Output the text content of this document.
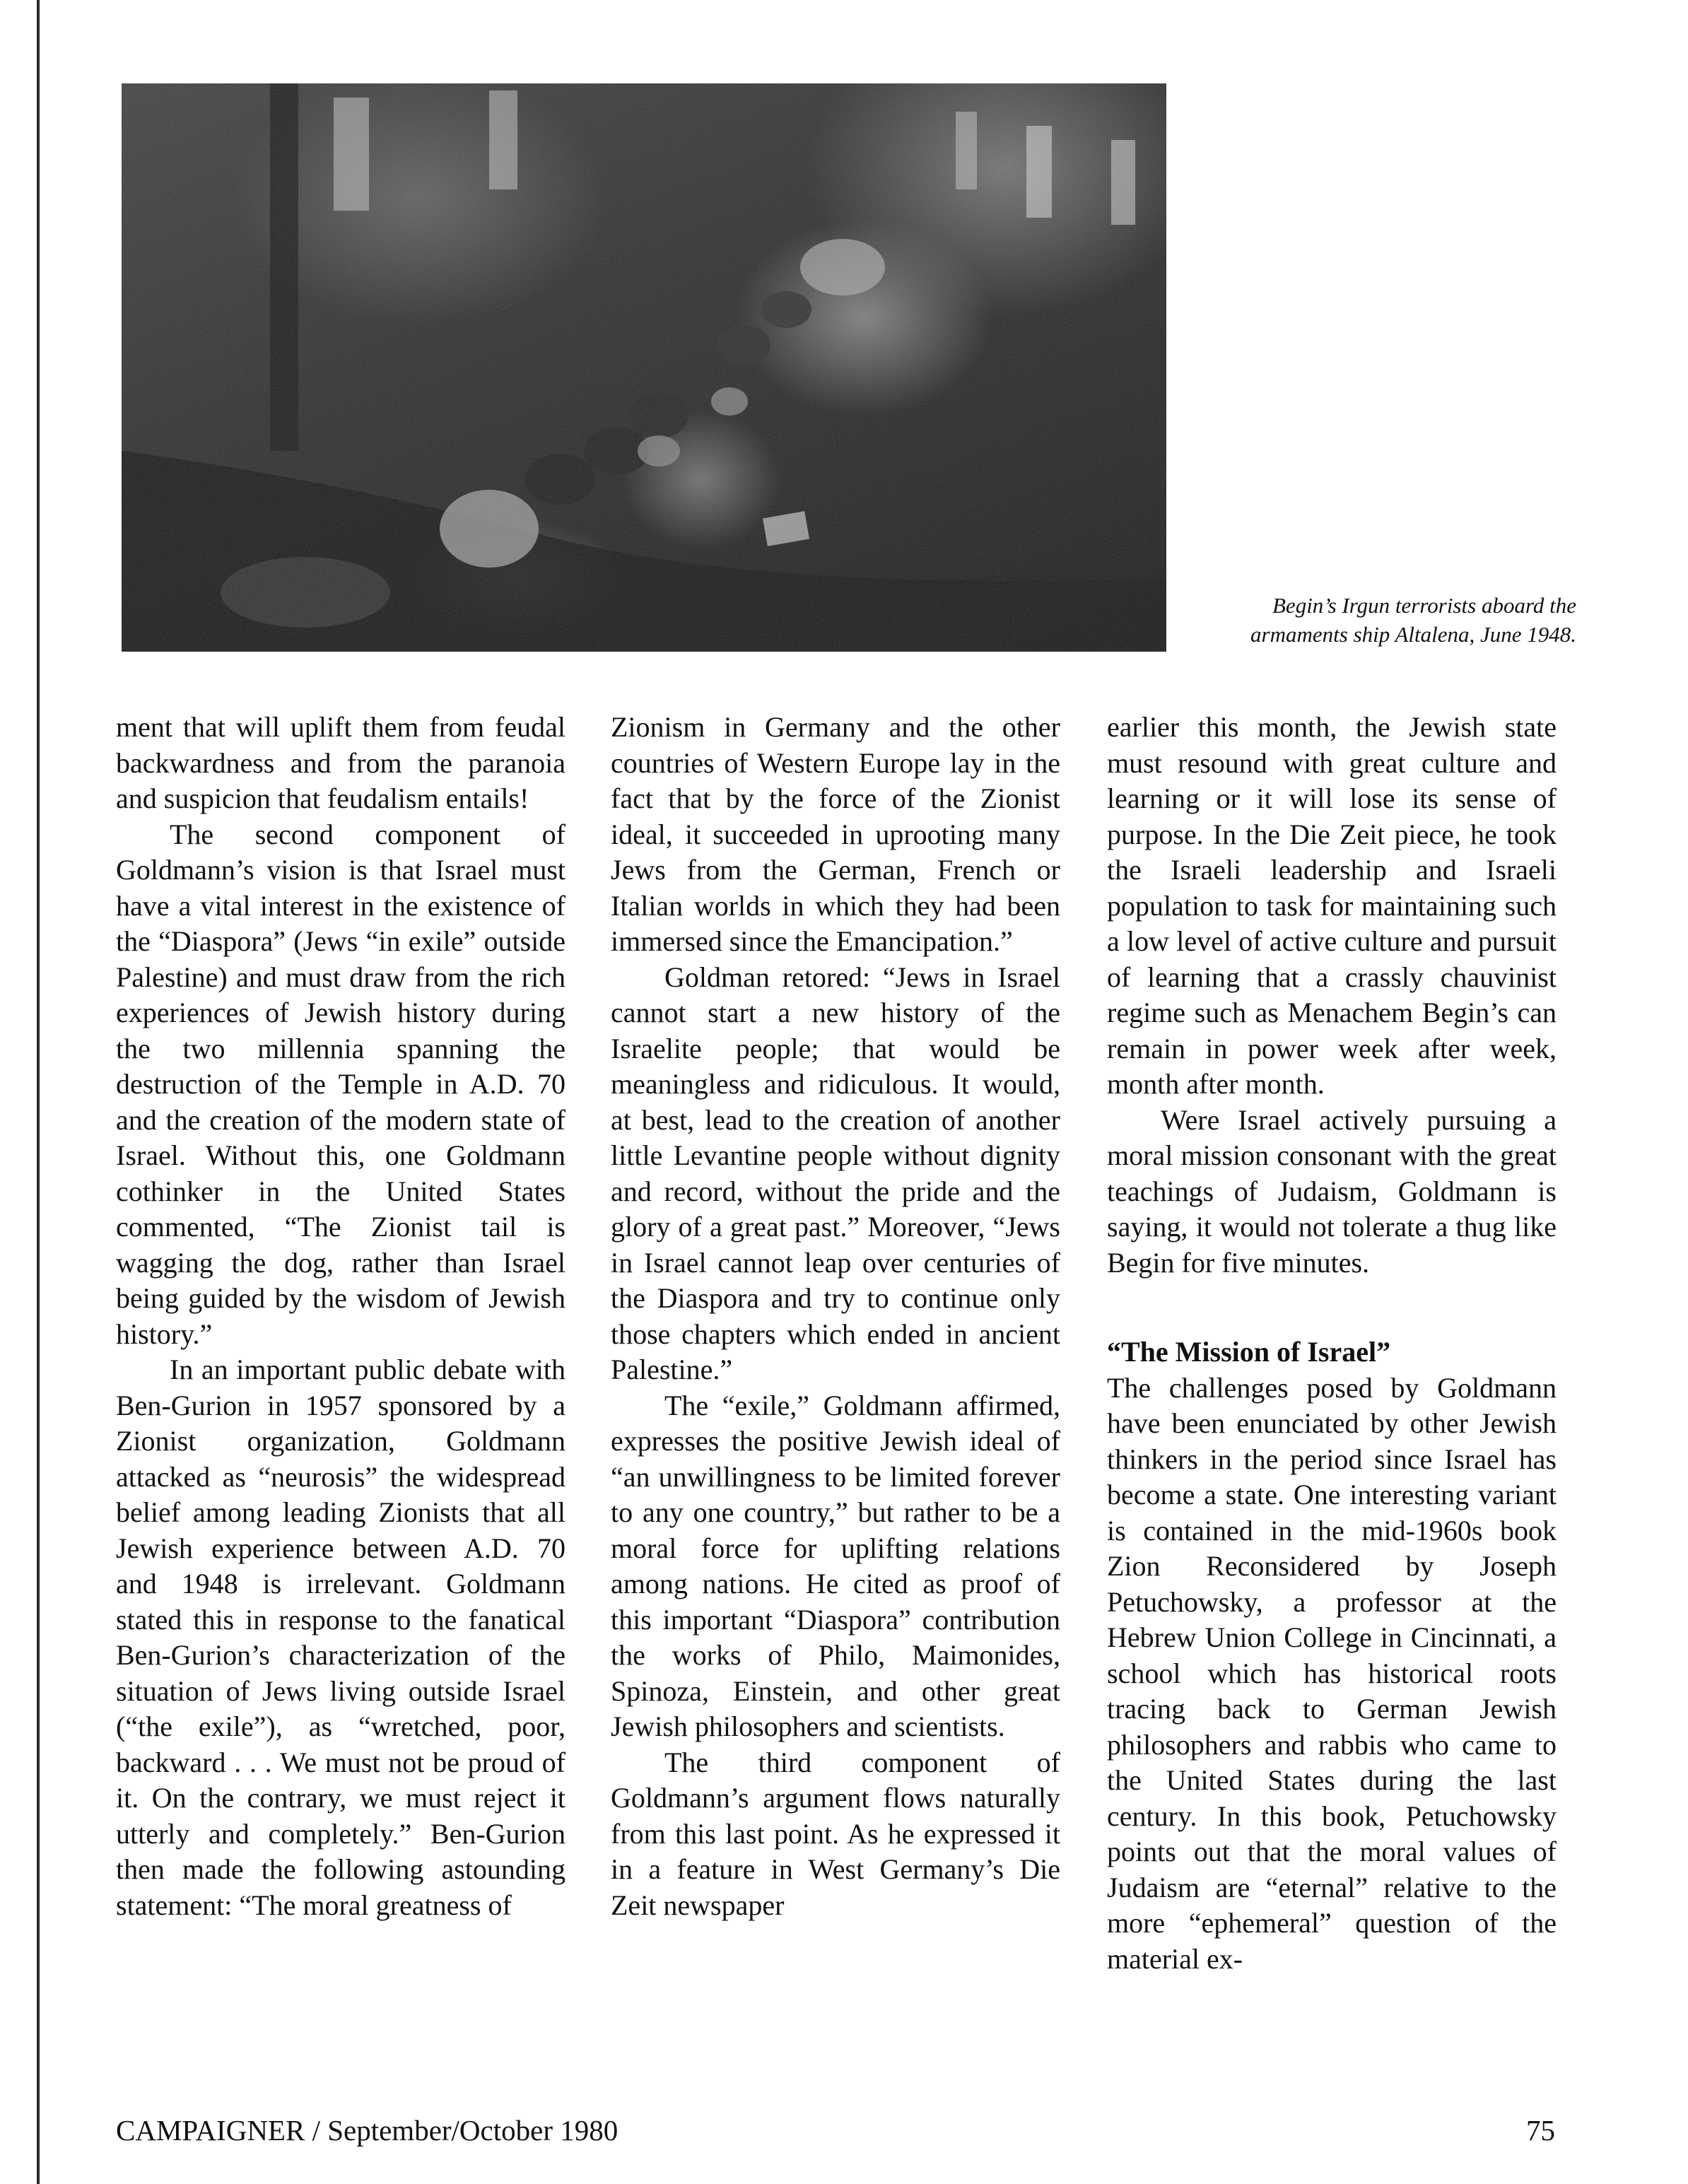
Begin’s Irgun terrorists aboard the
armaments ship Altalena, June 1948.

ment that will uplift them from feudal backwardness and from the paranoia and suspicion that feudalism entails!

The second component of Goldmann’s vision is that Israel must have a vital interest in the existence of the “Diaspora” (Jews “in exile” outside Palestine) and must draw from the rich experiences of Jewish history during the two millennia spanning the destruction of the Temple in A.D. 70 and the creation of the modern state of Israel. Without this, one Goldmann cothinker in the United States commented, “The Zionist tail is wagging the dog, rather than Israel being guided by the wisdom of Jewish history.”

In an important public debate with Ben-Gurion in 1957 sponsored by a Zionist organization, Goldmann attacked as “neurosis” the widespread belief among leading Zionists that all Jewish experience between A.D. 70 and 1948 is irrelevant. Goldmann stated this in response to the fanatical Ben-Gurion’s characterization of the situation of Jews living outside Israel (“the exile”), as “wretched, poor, backward . . . We must not be proud of it. On the contrary, we must reject it utterly and completely.” Ben-Gurion then made the following astounding statement: “The moral greatness of

Zionism in Germany and the other countries of Western Europe lay in the fact that by the force of the Zionist ideal, it succeeded in uprooting many Jews from the German, French or Italian worlds in which they had been immersed since the Emancipation.”

Goldman retored: “Jews in Israel cannot start a new history of the Israelite people; that would be meaningless and ridiculous. It would, at best, lead to the creation of another little Levantine people without dignity and record, without the pride and the glory of a great past.” Moreover, “Jews in Israel cannot leap over centuries of the Diaspora and try to continue only those chapters which ended in ancient Palestine.”

The “exile,” Goldmann affirmed, expresses the positive Jewish ideal of “an unwillingness to be limited forever to any one country,” but rather to be a moral force for uplifting relations among nations. He cited as proof of this important “Diaspora” contribution the works of Philo, Maimonides, Spinoza, Einstein, and other great Jewish philosophers and scientists.

The third component of Goldmann’s argument flows naturally from this last point. As he expressed it in a feature in West Germany’s Die Zeit newspaper

earlier this month, the Jewish state must resound with great culture and learning or it will lose its sense of purpose. In the Die Zeit piece, he took the Israeli leadership and Israeli population to task for maintaining such a low level of active culture and pursuit of learning that a crassly chauvinist regime such as Menachem Begin’s can remain in power week after week, month after month.

Were Israel actively pursuing a moral mission consonant with the great teachings of Judaism, Goldmann is saying, it would not tolerate a thug like Begin for five minutes.

“The Mission of Israel”

The challenges posed by Goldmann have been enunciated by other Jewish thinkers in the period since Israel has become a state. One interesting variant is contained in the mid-1960s book Zion Reconsidered by Joseph Petuchowsky, a professor at the Hebrew Union College in Cincinnati, a school which has historical roots tracing back to German Jewish philosophers and rabbis who came to the United States during the last century. In this book, Petuchowsky points out that the moral values of Judaism are “eternal” relative to the more “ephemeral” question of the material ex-

CAMPAIGNER / September/October 1980	75
